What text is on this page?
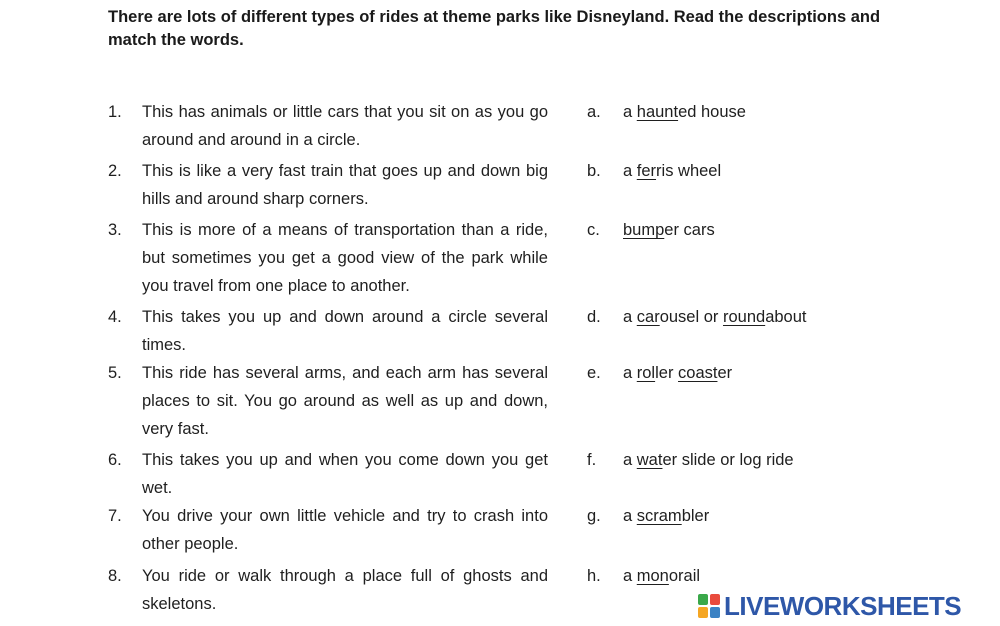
There are lots of different types of rides at theme parks like Disneyland. Read the descriptions and match the words.
1. This has animals or little cars that you sit on as you go around and around in a circle.
a. a haunted house
2. This is like a very fast train that goes up and down big hills and around sharp corners.
b. a ferris wheel
3. This is more of a means of transportation than a ride, but sometimes you get a good view of the park while you travel from one place to another.
c. bumper cars
4. This takes you up and down around a circle several times.
d. a carousel or roundabout
5. This ride has several arms, and each arm has several places to sit. You go around as well as up and down, very fast.
e. a roller coaster
6. This takes you up and when you come down you get wet.
f. a water slide or log ride
7. You drive your own little vehicle and try to crash into other people.
g. a scrambler
8. You ride or walk through a place full of ghosts and skeletons.
h. a monorail
LIVEWORKSHEETS
